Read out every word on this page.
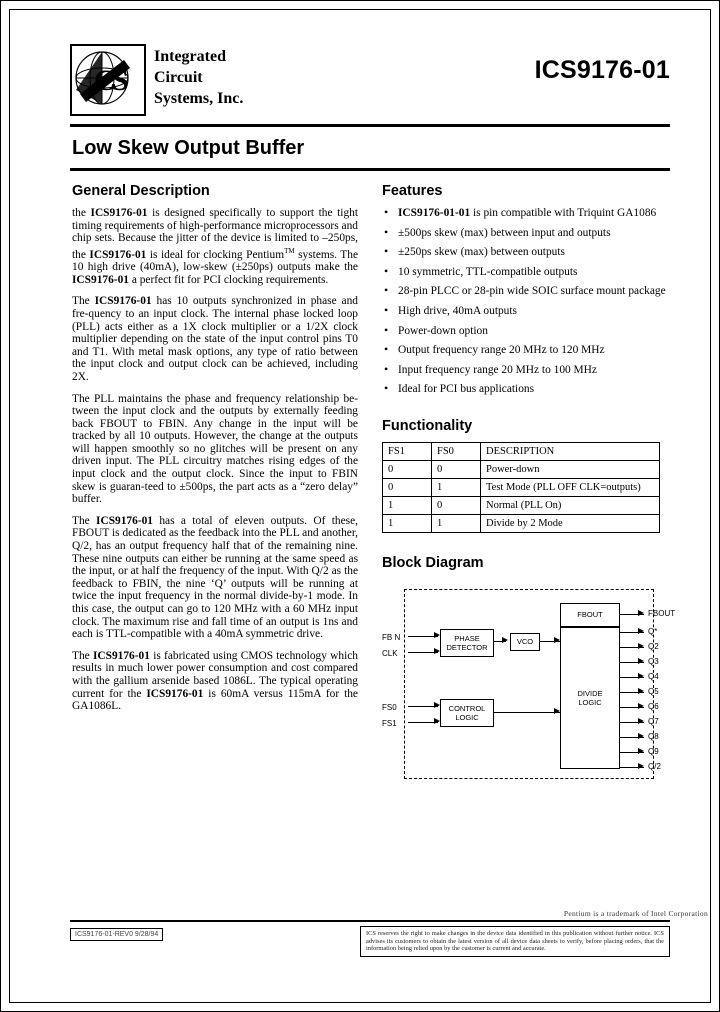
C
S
Integrated
Circuit
Systems, Inc.
ICS9176-01
Low Skew Output Buffer
General Description

the ICS9176-01 is designed specifically to support the tight timing requirements of high-performance microprocessors and chip sets. Because the jitter of the device is limited to –250ps, the ICS9176-01 is ideal for clocking Pentium™ systems. The 10 high drive (40mA), low-skew (±250ps) outputs make the ICS9176-01 a perfect fit for PCI clocking requirements.

The ICS9176-01 has 10 outputs synchronized in phase and fre-quency to an input clock. The internal phase locked loop (PLL) acts either as a 1X clock multiplier or a 1/2X clock multiplier depending on the state of the input control pins T0 and T1. With metal mask options, any type of ratio between the input clock and output clock can be achieved, including 2X.

The PLL maintains the phase and frequency relationship be-tween the input clock and the outputs by externally feeding back FBOUT to FBIN. Any change in the input will be tracked by all 10 outputs. However, the change at the outputs will happen smoothly so no glitches will be present on any driven input. The PLL circuitry matches rising edges of the input clock and the output clock. Since the input to FBIN skew is guaran-teed to ±500ps, the part acts as a “zero delay” buffer.

The ICS9176-01 has a total of eleven outputs. Of these, FBOUT is dedicated as the feedback into the PLL and another, Q/2, has an output frequency half that of the remaining nine. These nine outputs can either be running at the same speed as the input, or at half the frequency of the input. With Q/2 as the feedback to FBIN, the nine ‘Q’ outputs will be running at twice the input frequency in the normal divide-by-1 mode. In this case, the output can go to 120 MHz with a 60 MHz input clock. The maximum rise and fall time of an output is 1ns and each is TTL-compatible with a 40mA symmetric drive.

The ICS9176-01 is fabricated using CMOS technology which results in much lower power consumption and cost compared with the gallium arsenide based 1086L. The typical operating current for the ICS9176-01 is 60mA versus 115mA for the GA1086L.

Features
• ICS9176-01-01 is pin compatible with Triquint GA1086
• ±500ps skew (max) between input and outputs
• ±250ps skew (max) between outputs
• 10 symmetric, TTL-compatible outputs
• 28-pin PLCC or 28-pin wide SOIC surface mount package
• High drive, 40mA outputs
• Power-down option
• Output frequency range 20 MHz to 120 MHz
• Input frequency range 20 MHz to 100 MHz
• Ideal for PCI bus applications
Functionality
FS1	FS0	DESCRIPTION
0	0	Power-down
0	1	Test Mode (PLL OFF CLK=outputs)
1	0	Normal (PLL On)
1	1	Divide by 2 Mode
Block Diagram
FB N
CLK
FS0
FS1
PHASE
DETECTOR
VCO
CONTROL
LOGIC
FBOUT
DIVIDE
LOGIC
FBOUT
Q*
Q2
Q3
Q4
Q5
Q6
Q7
Q8
Q9
Q/2
Pentium is a trademark of Intel Corporation
ICS9176-01-REV0 9/28/94	ICS reserves the right to make changes in the device data identified in this publication without further notice. ICS advises its customers to obtain the latest version of all device data sheets to verify, before placing orders, that the information being relied upon by the customer is current and accurate.
